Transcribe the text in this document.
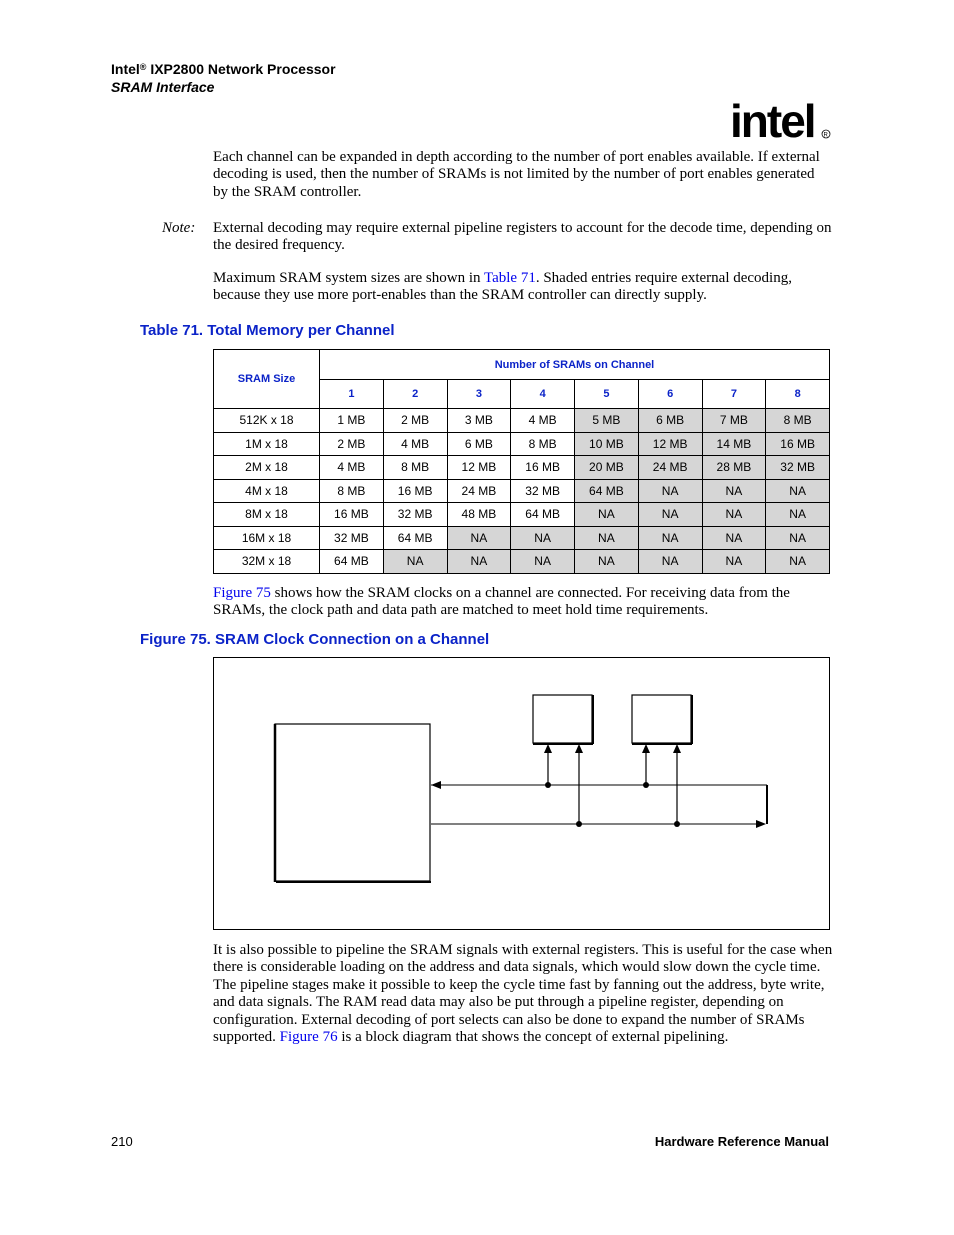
Intel® IXP2800 Network Processor
SRAM Interface
intel R
Each channel can be expanded in depth according to the number of port enables available. If external decoding is used, then the number of SRAMs is not limited by the number of port enables generated by the SRAM controller.
Note: External decoding may require external pipeline registers to account for the decode time, depending on the desired frequency.
Maximum SRAM system sizes are shown in Table 71. Shaded entries require external decoding, because they use more port-enables than the SRAM controller can directly supply.
Table 71. Total Memory per Channel
SRAM Size	Number of SRAMs on Channel							
	1	2	3	4	5	6	7	8
512K x 18	1 MB	2 MB	3 MB	4 MB	5 MB	6 MB	7 MB	8 MB
1M x 18	2 MB	4 MB	6 MB	8 MB	10 MB	12 MB	14 MB	16 MB
2M x 18	4 MB	8 MB	12 MB	16 MB	20 MB	24 MB	28 MB	32 MB
4M x 18	8 MB	16 MB	24 MB	32 MB	64 MB	NA	NA	NA
8M x 18	16 MB	32 MB	48 MB	64 MB	NA	NA	NA	NA
16M x 18	32 MB	64 MB	NA	NA	NA	NA	NA	NA
32M x 18	64 MB	NA	NA	NA	NA	NA	NA	NA
Figure 75 shows how the SRAM clocks on a channel are connected. For receiving data from the SRAMs, the clock path and data path are matched to meet hold time requirements.
Figure 75. SRAM Clock Connection on a Channel
It is also possible to pipeline the SRAM signals with external registers. This is useful for the case when there is considerable loading on the address and data signals, which would slow down the cycle time. The pipeline stages make it possible to keep the cycle time fast by fanning out the address, byte write, and data signals. The RAM read data may also be put through a pipeline register, depending on configuration. External decoding of port selects can also be done to expand the number of SRAMs supported. Figure 76 is a block diagram that shows the concept of external pipelining.
210	Hardware Reference Manual
